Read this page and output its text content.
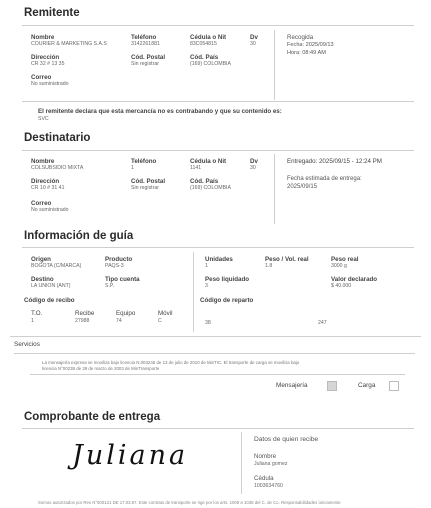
Remitente
Nombre
COURIER & MARKETING S.A.S
Teléfono
3142261881
Cédula o Nit
83C054815
Dv
30
Dirección
CR 32 # 13 35
Cód. Postal
Sin registrar
Cód. País
(169) COLOMBIA
Correo
No suministrado
Recogida
Fecha: 2025/09/13
Hora: 08:49 AM
El remitente declara que esta mercancía no es contrabando y que su contenido es:
SVC
Destinatario
Nombre
COLSUBSIDIO MIXTA
Teléfono
1
Cédula o Nit
1141
Dv
30
Dirección
CR 10 # 31 41
Cód. Postal
Sin registrar
Cód. País
(169) COLOMBIA
Correo
No suministrado
Entregado: 2025/09/15 - 12:24 PM
Fecha estimada de entrega:
2025/09/15
Información de guía
Origen
BOGOTA (C/MARCA)
Producto
PAQS-3
Destino
LA UNION (ANT)
Tipo cuenta
S.P.
Código de recibo
T.O.
1
Recibe
27988
Equipo
74
Móvil
C
Unidades
1
Peso / Vol. real
1.8
Peso real
3000 g
Peso liquidado
3
Valor declarado
$ 40.000
Código de reparto
38	247
Servicios
La mensajería expresa se moviliza bajo licencia N.003245 de 13 de julio de 2010 de MinTIC. El transporte de carga se moviliza bajo
licencia N°00238 de 29 de marzo de 2003 de MinTransporte
Mensajería	Carga
Comprobante de entrega
Juliana
Datos de quien recibe
Nombre
Juliana gomez
Cédula
1003634760
Somos autorizados por Res N°000121 DE 17.03.97. Este contrato de transporte se rige por los arts. 1008 a 1035 del C. de Co. Responsabilidades únicamente
